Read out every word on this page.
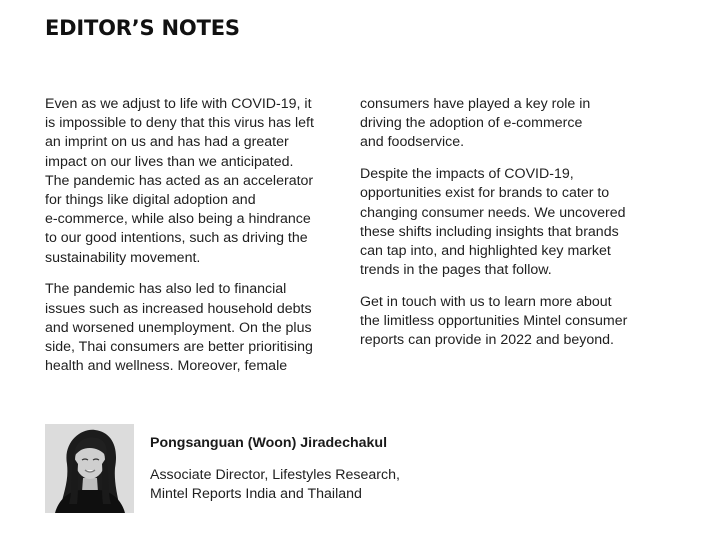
EDITOR’S NOTES

Even as we adjust to life with COVID-19, it
is impossible to deny that this virus has left
an imprint on us and has had a greater
impact on our lives than we anticipated.
The pandemic has acted as an accelerator
for things like digital adoption and
e-commerce, while also being a hindrance
to our good intentions, such as driving the
sustainability movement.

The pandemic has also led to financial
issues such as increased household debts
and worsened unemployment. On the plus
side, Thai consumers are better prioritising
health and wellness. Moreover, female

consumers have played a key role in
driving the adoption of e-commerce
and foodservice.

Despite the impacts of COVID-19,
opportunities exist for brands to cater to
changing consumer needs. We uncovered
these shifts including insights that brands
can tap into, and highlighted key market
trends in the pages that follow.

Get in touch with us to learn more about
the limitless opportunities Mintel consumer
reports can provide in 2022 and beyond.

Pongsanguan (Woon) Jiradechakul
Associate Director, Lifestyles Research,
Mintel Reports India and Thailand
